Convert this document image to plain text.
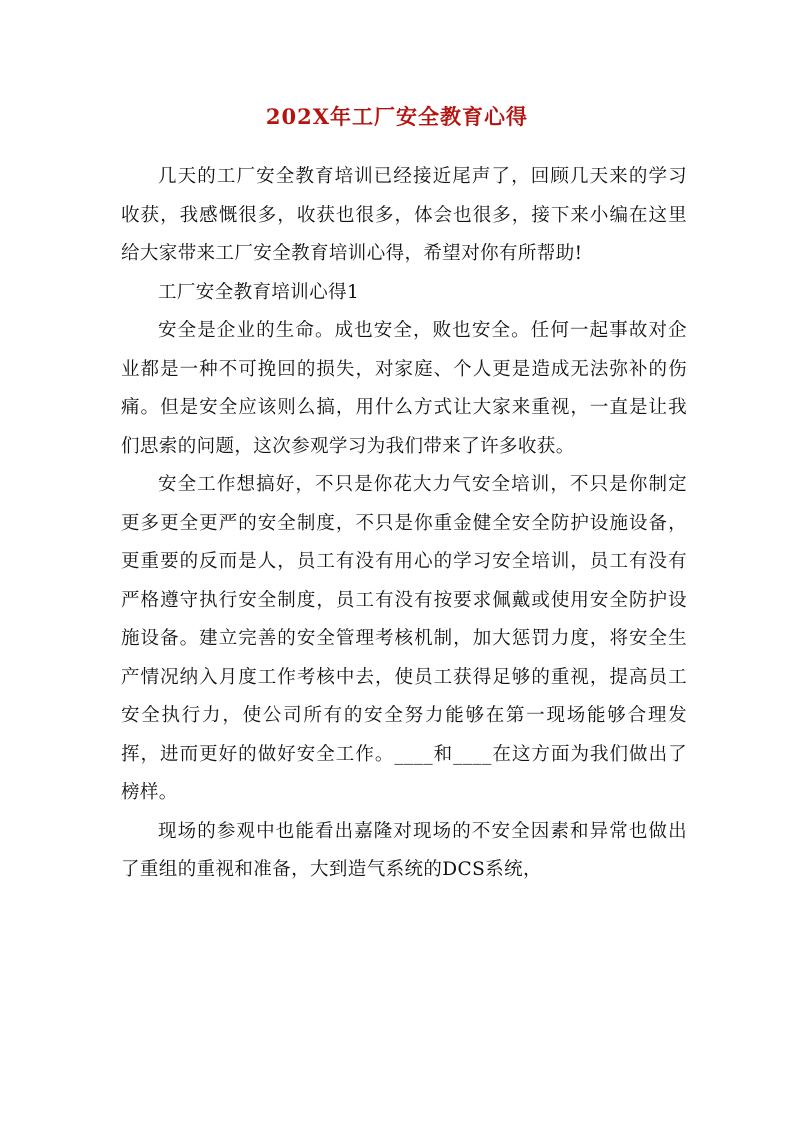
202X年工厂安全教育心得

几天的工厂安全教育培训已经接近尾声了，回顾几天来的学习收获，我感慨很多，收获也很多，体会也很多，接下来小编在这里给大家带来工厂安全教育培训心得，希望对你有所帮助!

工厂安全教育培训心得1

安全是企业的生命。成也安全，败也安全。任何一起事故对企业都是一种不可挽回的损失，对家庭、个人更是造成无法弥补的伤痛。但是安全应该则么搞，用什么方式让大家来重视，一直是让我们思索的问题，这次参观学习为我们带来了许多收获。

安全工作想搞好，不只是你花大力气安全培训，不只是你制定更多更全更严的安全制度，不只是你重金健全安全防护设施设备，更重要的反而是人，员工有没有用心的学习安全培训，员工有没有严格遵守执行安全制度，员工有没有按要求佩戴或使用安全防护设施设备。建立完善的安全管理考核机制，加大惩罚力度，将安全生产情况纳入月度工作考核中去，使员工获得足够的重视，提高员工安全执行力，使公司所有的安全努力能够在第一现场能够合理发挥，进而更好的做好安全工作。____和____在这方面为我们做出了榜样。

现场的参观中也能看出嘉隆对现场的不安全因素和异常也做出了重组的重视和准备，大到造气系统的DCS系统，
